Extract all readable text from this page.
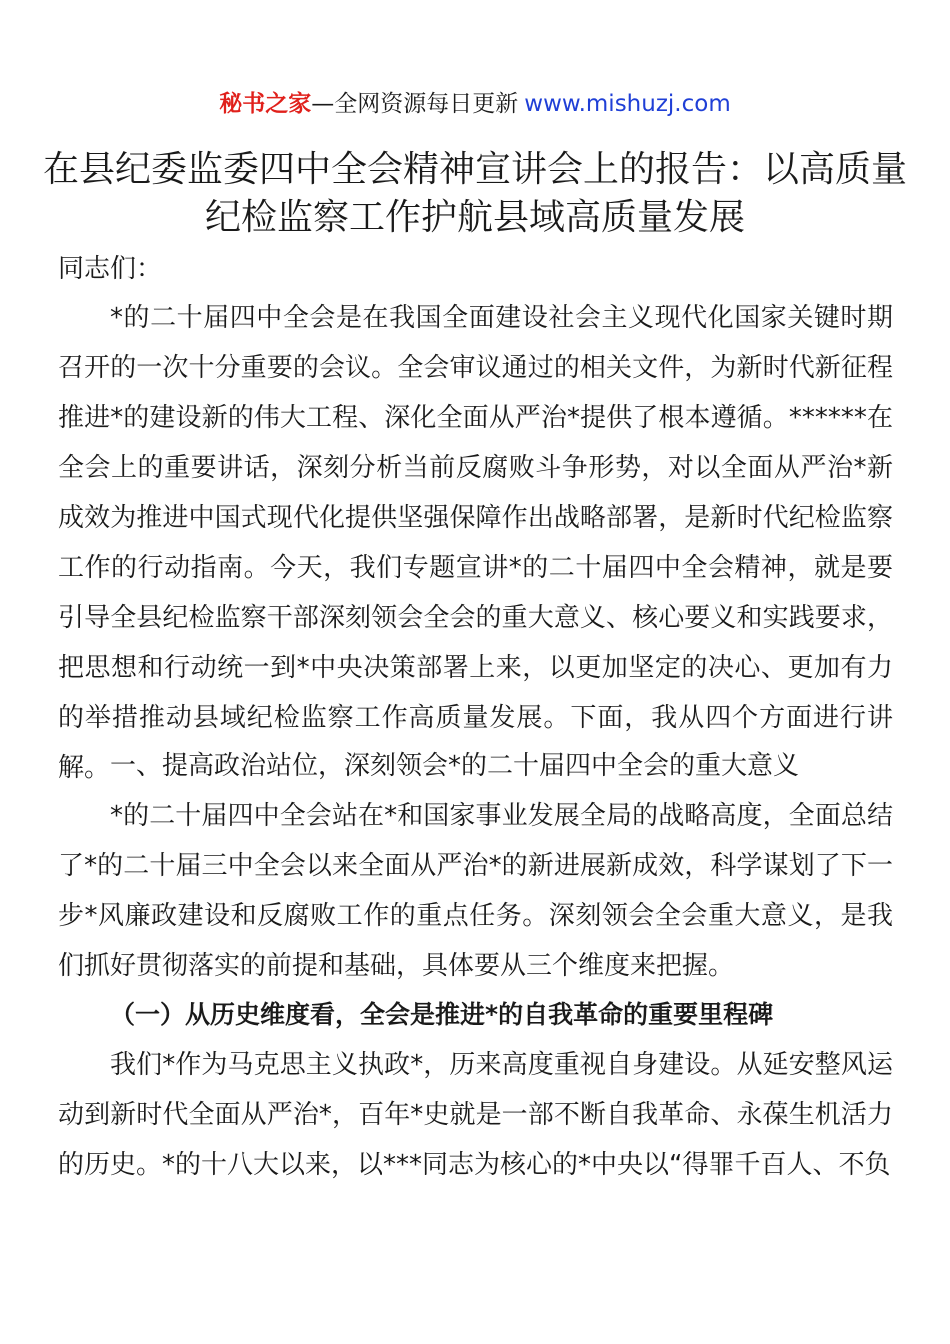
秘书之家—全网资源每日更新 www.mishuzj.com
在县纪委监委四中全会精神宣讲会上的报告：以高质量纪检监察工作护航县域高质量发展

同志们：

*的二十届四中全会是在我国全面建设社会主义现代化国家关键时期召开的一次十分重要的会议。全会审议通过的相关文件，为新时代新征程推进*的建设新的伟大工程、深化全面从严治*提供了根本遵循。******在全会上的重要讲话，深刻分析当前反腐败斗争形势，对以全面从严治*新成效为推进中国式现代化提供坚强保障作出战略部署，是新时代纪检监察工作的行动指南。今天，我们专题宣讲*的二十届四中全会精神，就是要引导全县纪检监察干部深刻领会全会的重大意义、核心要义和实践要求，把思想和行动统一到*中央决策部署上来，以更加坚定的决心、更加有力的举措推动县域纪检监察工作高质量发展。下面，我从四个方面进行讲解。 一、提高政治站位，深刻领会*的二十届四中全会的重大意义

*的二十届四中全会站在*和国家事业发展全局的战略高度，全面总结了*的二十届三中全会以来全面从严治*的新进展新成效，科学谋划了下一步*风廉政建设和反腐败工作的重点任务。深刻领会全会重大意义，是我们抓好贯彻落实的前提和基础，具体要从三个维度来把握。

（一）从历史维度看，全会是推进*的自我革命的重要里程碑

我们*作为马克思主义执政*，历来高度重视自身建设。从延安整风运动到新时代全面从严治*，百年*史就是一部不断自我革命、永葆生机活力的历史。*的十八大以来，以***同志为核心的*中央以“得罪千百人、不负
